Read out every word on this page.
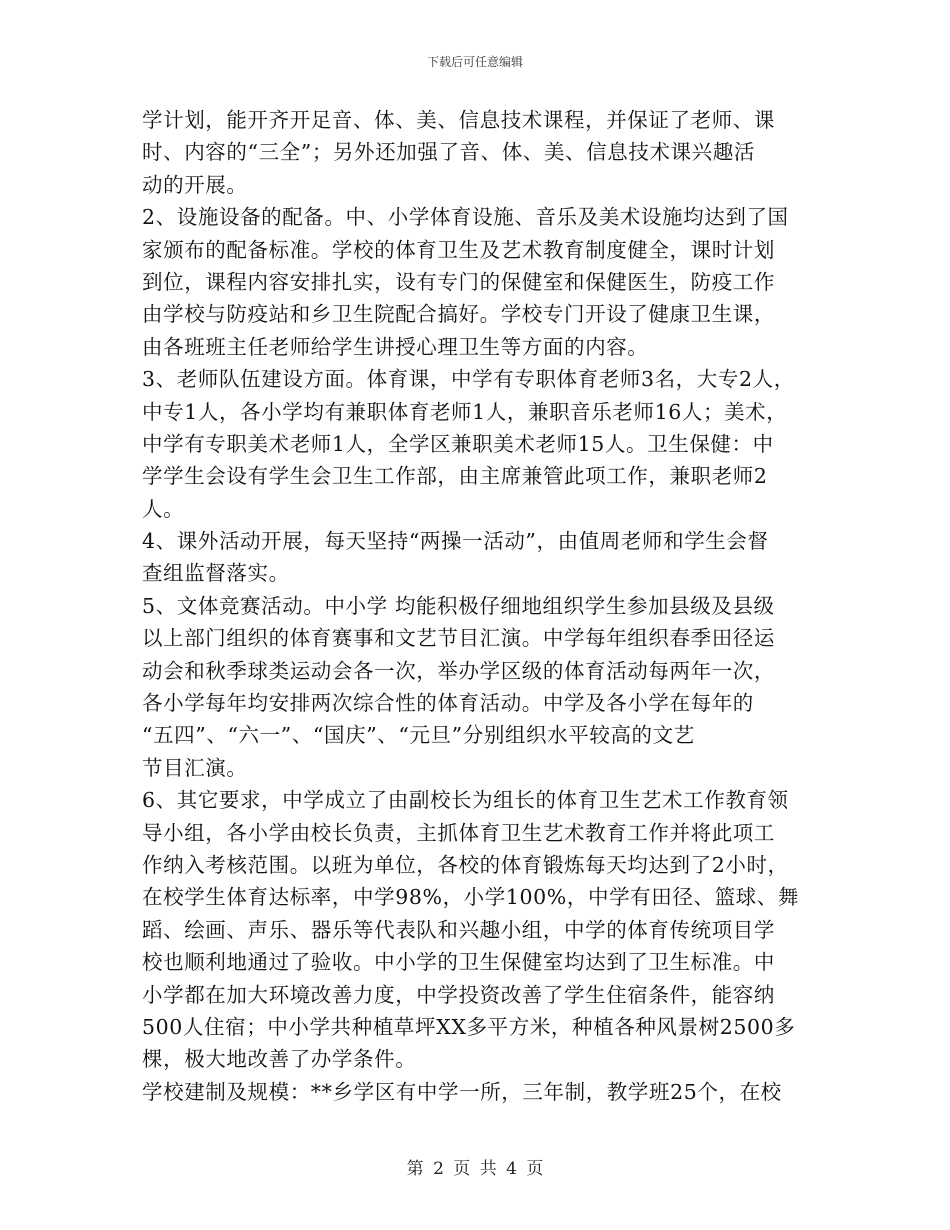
下载后可任意编辑
学计划，能开齐开足音、体、美、信息技术课程，并保证了老师、课
时、内容的“三全”；另外还加强了音、体、美、信息技术课兴趣活
动的开展。
2、设施设备的配备。中、小学体育设施、音乐及美术设施均达到了国
家颁布的配备标准。学校的体育卫生及艺术教育制度健全，课时计划
到位，课程内容安排扎实，设有专门的保健室和保健医生，防疫工作
由学校与防疫站和乡卫生院配合搞好。学校专门开设了健康卫生课，
由各班班主任老师给学生讲授心理卫生等方面的内容。
3、老师队伍建设方面。体育课，中学有专职体育老师3名，大专2人，
中专1人，各小学均有兼职体育老师1人，兼职音乐老师16人；美术，
中学有专职美术老师1人，全学区兼职美术老师15人。卫生保健：中
学学生会设有学生会卫生工作部，由主席兼管此项工作，兼职老师2
人。
4、课外活动开展，每天坚持“两操一活动”，由值周老师和学生会督
查组监督落实。
5、文体竞赛活动。中小学 均能积极仔细地组织学生参加县级及县级
以上部门组织的体育赛事和文艺节目汇演。中学每年组织春季田径运
动会和秋季球类运动会各一次，举办学区级的体育活动每两年一次，
各小学每年均安排两次综合性的体育活动。中学及各小学在每年的
“五四”、“六一”、“国庆”、“元旦”分别组织水平较高的文艺
节目汇演。
6、其它要求，中学成立了由副校长为组长的体育卫生艺术工作教育领
导小组，各小学由校长负责，主抓体育卫生艺术教育工作并将此项工
作纳入考核范围。以班为单位，各校的体育锻炼每天均达到了2小时，
在校学生体育达标率，中学98%，小学100%，中学有田径、篮球、舞
蹈、绘画、声乐、器乐等代表队和兴趣小组，中学的体育传统项目学
校也顺利地通过了验收。中小学的卫生保健室均达到了卫生标准。中
小学都在加大环境改善力度，中学投资改善了学生住宿条件，能容纳
500人住宿；中小学共种植草坪XX多平方米，种植各种风景树2500多
棵，极大地改善了办学条件。
学校建制及规模：**乡学区有中学一所，三年制，教学班25个，在校
第 2 页 共 4 页
